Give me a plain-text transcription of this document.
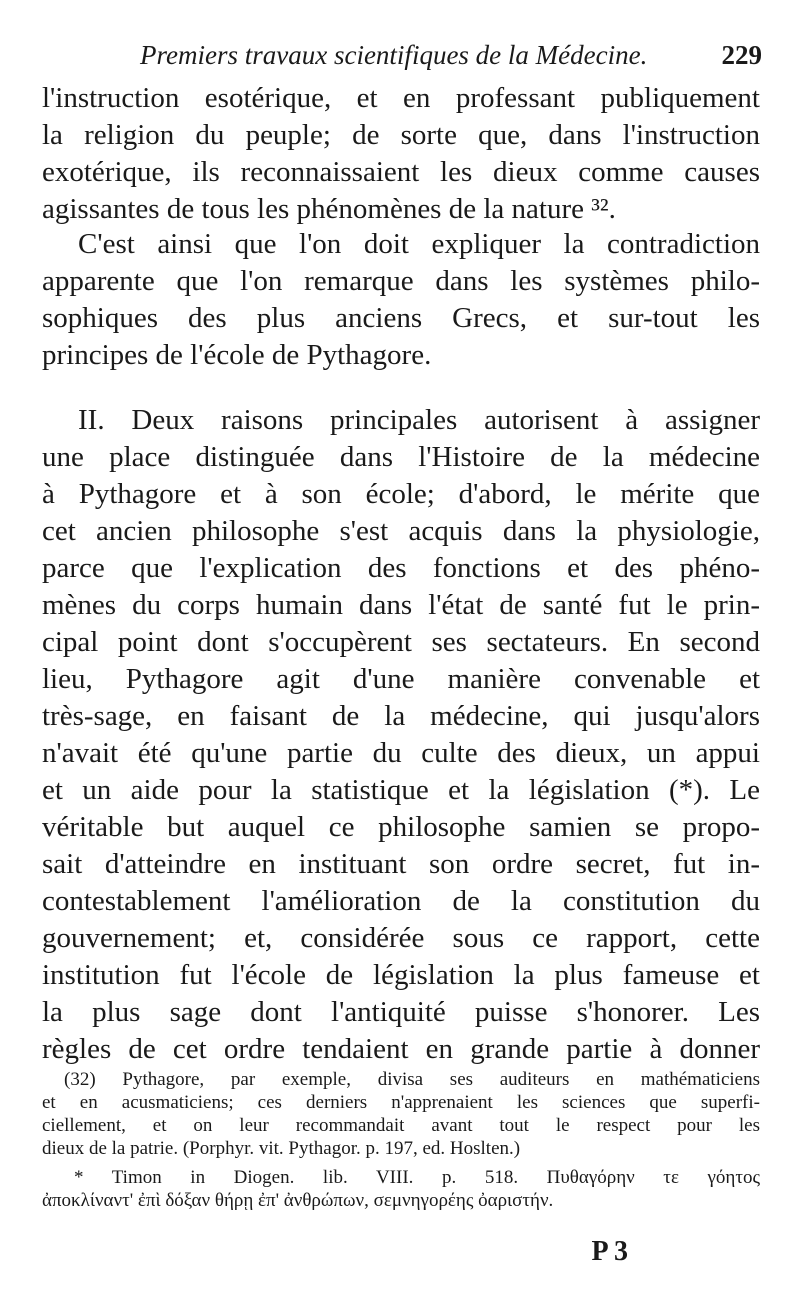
Premiers travaux scientifiques de la Médecine.	229
l'instruction esotérique, et en professant publiquement
la religion du peuple; de sorte que, dans l'instruction
exotérique, ils reconnaissaient les dieux comme causes
agissantes de tous les phénomènes de la nature ³².
C'est ainsi que l'on doit expliquer la contradiction
apparente que l'on remarque dans les systèmes philo-
sophiques des plus anciens Grecs, et sur-tout les
principes de l'école de Pythagore.
II. Deux raisons principales autorisent à assigner
une place distinguée dans l'Histoire de la médecine
à Pythagore et à son école; d'abord, le mérite que
cet ancien philosophe s'est acquis dans la physiologie,
parce que l'explication des fonctions et des phéno-
mènes du corps humain dans l'état de santé fut le prin-
cipal point dont s'occupèrent ses sectateurs. En second
lieu, Pythagore agit d'une manière convenable et
très-sage, en faisant de la médecine, qui jusqu'alors
n'avait été qu'une partie du culte des dieux, un appui
et un aide pour la statistique et la législation (*). Le
véritable but auquel ce philosophe samien se propo-
sait d'atteindre en instituant son ordre secret, fut in-
contestablement l'amélioration de la constitution du
gouvernement; et, considérée sous ce rapport, cette
institution fut l'école de législation la plus fameuse et
la plus sage dont l'antiquité puisse s'honorer. Les
règles de cet ordre tendaient en grande partie à donner
(32) Pythagore, par exemple, divisa ses auditeurs en mathématiciens
et en acusmaticiens; ces derniers n'apprenaient les sciences que superfi-
ciellement, et on leur recommandait avant tout le respect pour les
dieux de la patrie. (Porphyr. vit. Pythagor. p. 197, ed. Hoslten.)
* Timon in Diogen. lib. VIII. p. 518. Πυθαγόρην τε γόητος
ἀποκλίναντ' ἐπὶ δόξαν θήρῃ ἐπ' ἀνθρώπων, σεμνηγορέης ὀαριστήν.
P 3
